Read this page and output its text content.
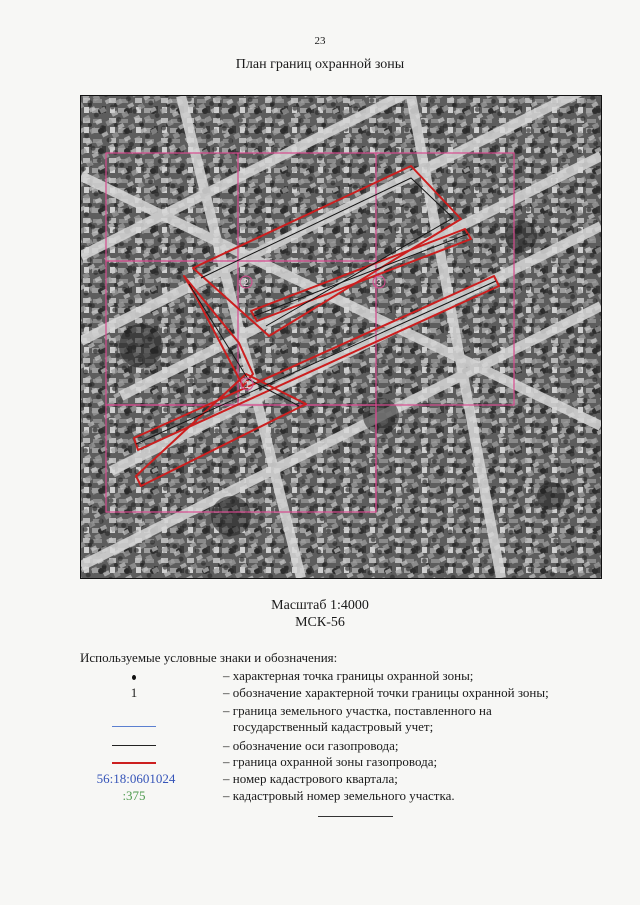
23
План границ охранной зоны
1
2	3
Масштаб 1:4000
МСК-56
Используемые условные знаки и обозначения:
– характерная точка границы охранной зоны;
1	– обозначение характерной точки границы охранной зоны;
– граница земельного участка, поставленного на
государственный кадастровый учет;
– обозначение оси газопровода;
– граница охранной зоны газопровода;
56:18:0601024	– номер кадастрового квартала;
:375	– кадастровый номер земельного участка.
